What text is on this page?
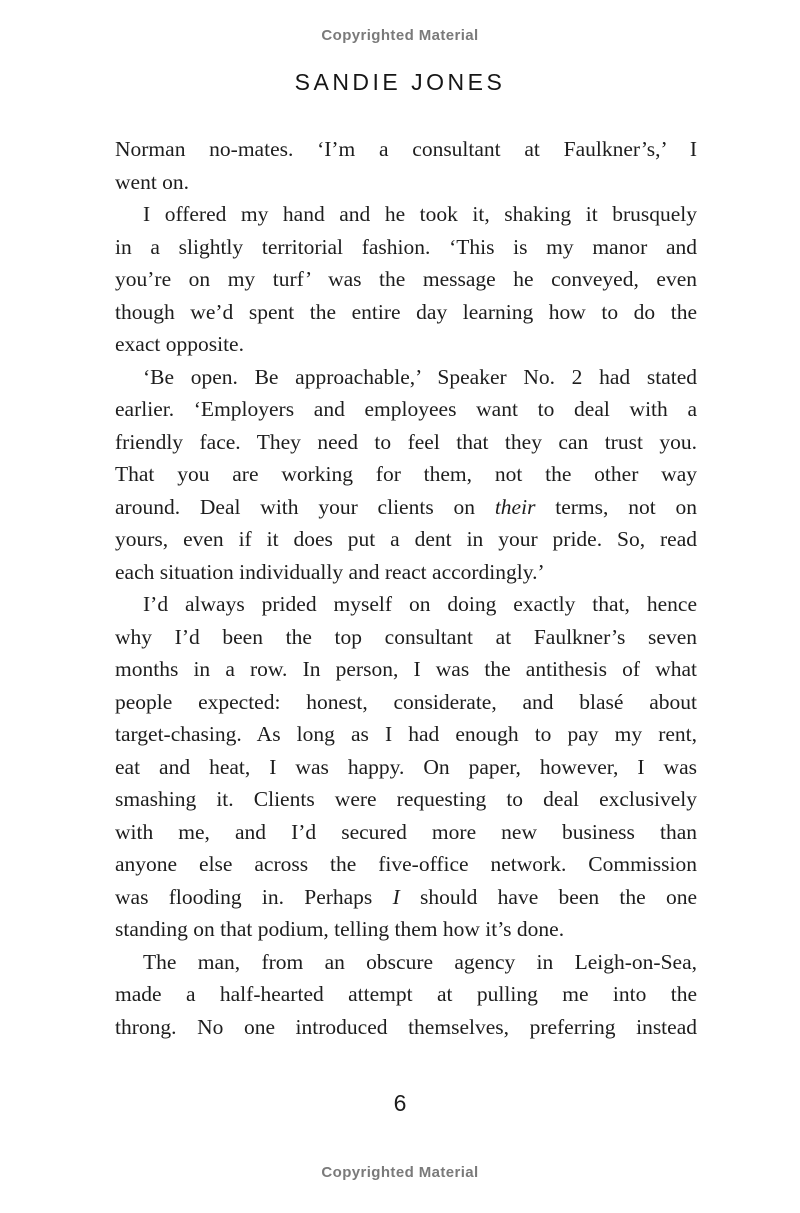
Copyrighted Material
SANDIE JONES
Norman no-mates. ‘I’m a consultant at Faulkner’s,’ I
went on.
I offered my hand and he took it, shaking it brusquely
in a slightly territorial fashion. ‘This is my manor and
you’re on my turf’ was the message he conveyed, even
though we’d spent the entire day learning how to do the
exact opposite.
‘Be open. Be approachable,’ Speaker No. 2 had stated
earlier. ‘Employers and employees want to deal with a
friendly face. They need to feel that they can trust you.
That you are working for them, not the other way
around. Deal with your clients on their terms, not on
yours, even if it does put a dent in your pride. So, read
each situation individually and react accordingly.’
I’d always prided myself on doing exactly that, hence
why I’d been the top consultant at Faulkner’s seven
months in a row. In person, I was the antithesis of what
people expected: honest, considerate, and blasé about
target-chasing. As long as I had enough to pay my rent,
eat and heat, I was happy. On paper, however, I was
smashing it. Clients were requesting to deal exclusively
with me, and I’d secured more new business than
anyone else across the five-office network. Commission
was flooding in. Perhaps I should have been the one
standing on that podium, telling them how it’s done.
The man, from an obscure agency in Leigh-on-Sea,
made a half-hearted attempt at pulling me into the
throng. No one introduced themselves, preferring instead
6
Copyrighted Material
